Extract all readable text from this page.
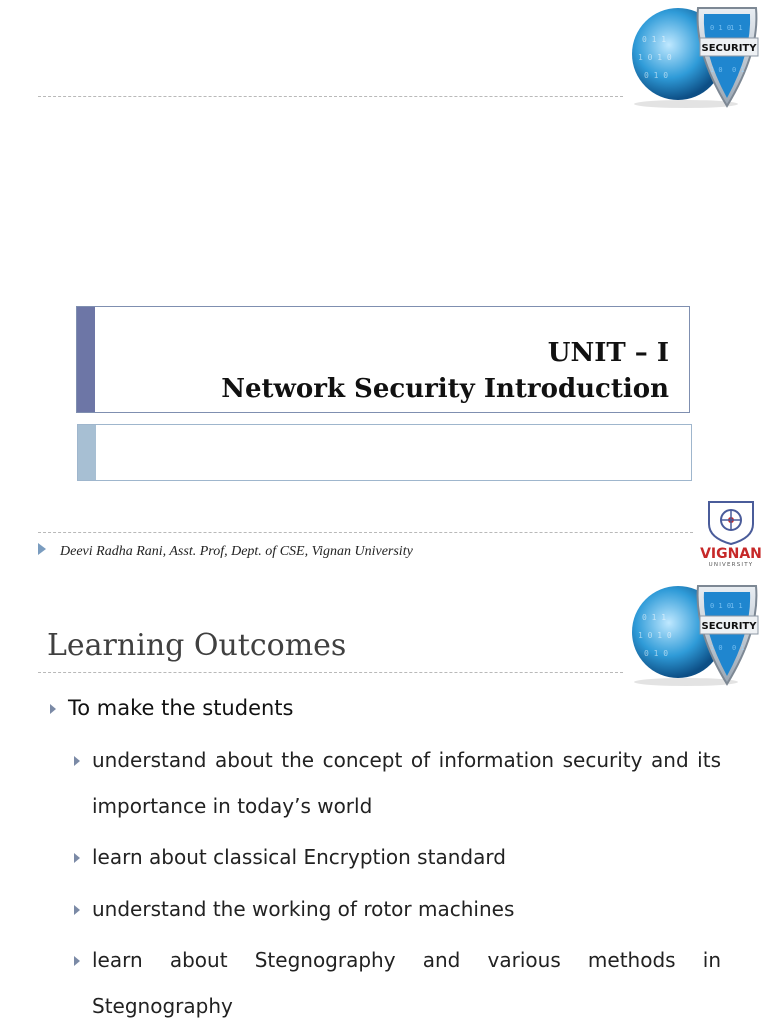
0 1 1
1 0 1 0
0 1 0
0 1 0
1 1
1 0 0 1
SECURITY
UNIT – I
Network Security Introduction
Deevi Radha Rani, Asst. Prof, Dept. of CSE, Vignan University	VIGNAN
UNIVERSITY
0 1 1
1 0 1 0
0 1 0
0 1 0
1 1
1 0 0 1
SECURITY
Learning Outcomes
To make the students
understand about the concept of information security and its importance in today’s world
learn about classical Encryption standard
understand the working of rotor machines
learn about Stegnography and various methods in Stegnography
